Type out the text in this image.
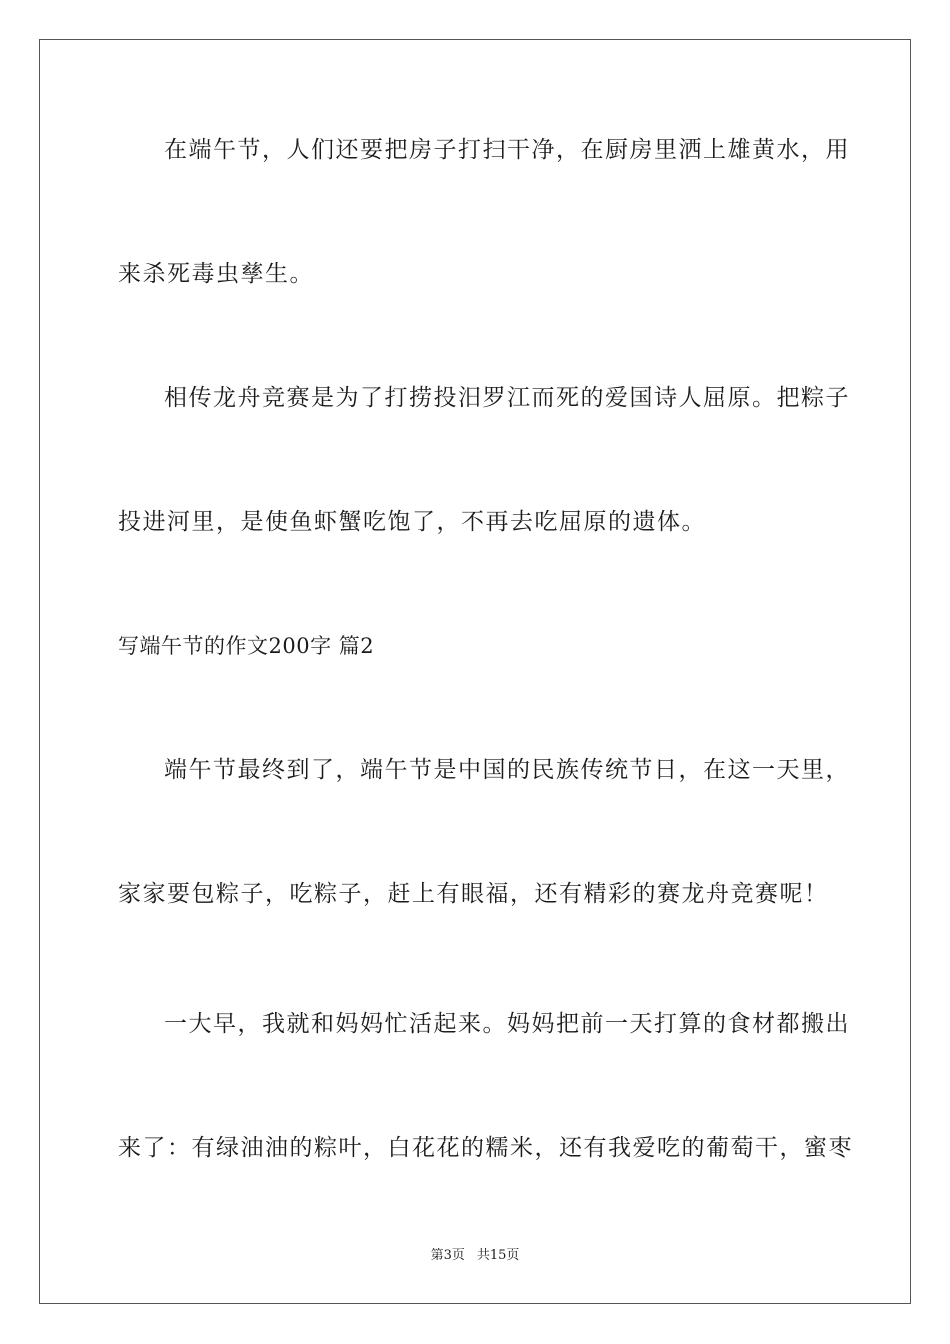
在端午节，人们还要把房子打扫干净，在厨房里洒上雄黄水，用
来杀死毒虫孳生。
相传龙舟竞赛是为了打捞投汨罗江而死的爱国诗人屈原。把粽子
投进河里，是使鱼虾蟹吃饱了，不再去吃屈原的遗体。
写端午节的作文200字 篇2
端午节最终到了，端午节是中国的民族传统节日，在这一天里，
家家要包粽子，吃粽子，赶上有眼福，还有精彩的赛龙舟竞赛呢！
一大早，我就和妈妈忙活起来。妈妈把前一天打算的食材都搬出
来了：有绿油油的粽叶，白花花的糯米，还有我爱吃的葡萄干，蜜枣
第3页 共15页
